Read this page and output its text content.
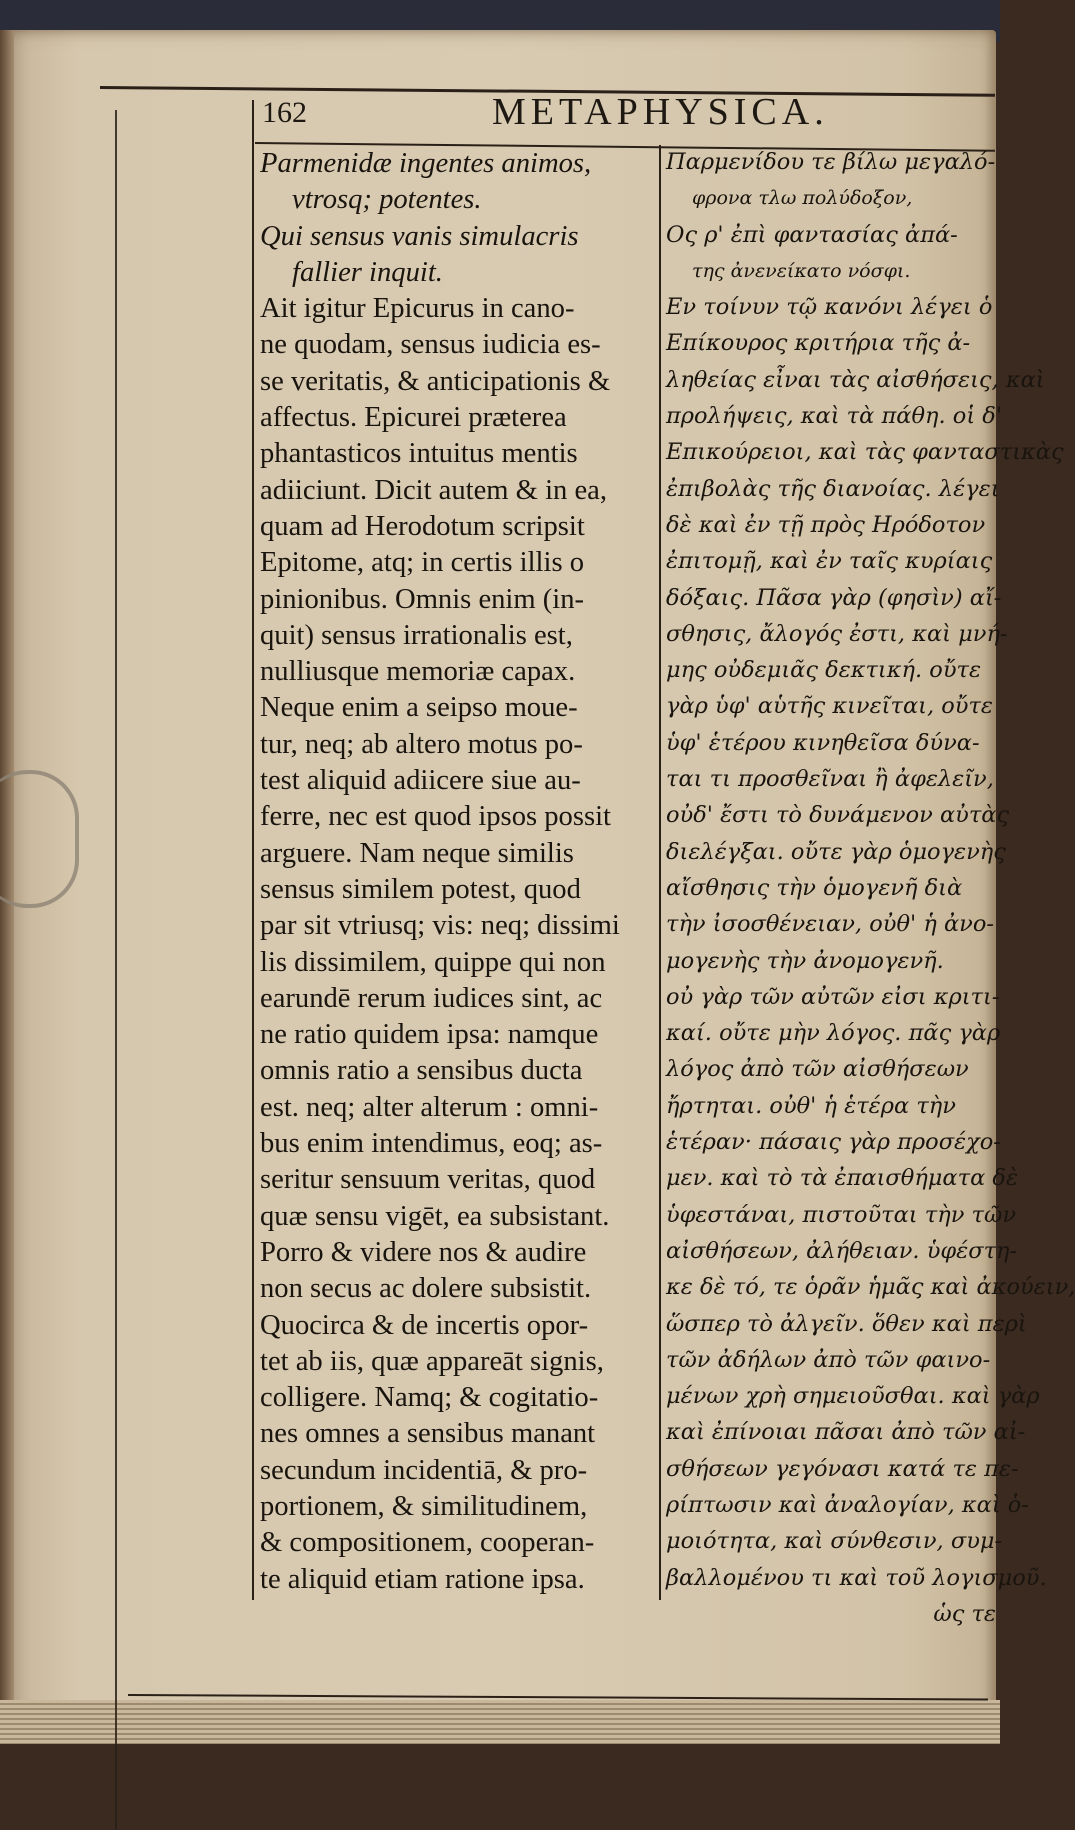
162	METAPHYSICA.
Parmenidæ ingentes animos,
vtrosq; potentes.
Qui sensus vanis simulacris
fallier inquit.
Ait igitur Epicurus in cano-
ne quodam, sensus iudicia es-
se veritatis, & anticipationis &
affectus. Epicurei præterea
phantasticos intuitus mentis
adiiciunt. Dicit autem & in ea,
quam ad Herodotum scripsit
Epitome, atq; in certis illis o
pinionibus. Omnis enim (in-
quit) sensus irrationalis est,
nulliusque memoriæ capax.
Neque enim a seipso moue-
tur, neq; ab altero motus po-
test aliquid adiicere siue au-
ferre, nec est quod ipsos possit
arguere. Nam neque similis
sensus similem potest, quod
par sit vtriusq; vis: neq; dissimi
lis dissimilem, quippe qui non
earundē rerum iudices sint, ac
ne ratio quidem ipsa: namque
omnis ratio a sensibus ducta
est. neq; alter alterum : omni-
bus enim intendimus, eoq; as-
seritur sensuum veritas, quod
quæ sensu vigēt, ea subsistant.
Porro & videre nos & audire
non secus ac dolere subsistit.
Quocirca & de incertis opor-
tet ab iis, quæ appareāt signis,
colligere. Namq; & cogitatio-
nes omnes a sensibus manant
secundum incidentiā, & pro-
portionem, & similitudinem,
& compositionem, cooperan-
te aliquid etiam ratione ipsa.
Παρμενίδου τε βίλω μεγαλό-
φρονα τλω πολύδοξον,
Ος ρ' ἐπὶ φαντασίας ἀπά-
της ἀνενείκατο νόσφι.
Εν τοίνυν τῷ κανόνι λέγει ὁ
Επίκουρος κριτήρια τῆς ἀ-
ληθείας εἶναι τὰς αἰσθήσεις, καὶ
προλήψεις, καὶ τὰ πάθη. οἱ δ'
Επικούρειοι, καὶ τὰς φανταστικὰς
ἐπιβολὰς τῆς διανοίας. λέγει
δὲ καὶ ἐν τῇ πρὸς Ηρόδοτον
ἐπιτομῇ, καὶ ἐν ταῖς κυρίαις
δόξαις. Πᾶσα γὰρ (φησὶν) αἴ-
σθησις, ἄλογός ἐστι, καὶ μνή-
μης οὐδεμιᾶς δεκτική. οὔτε
γὰρ ὑφ' αὑτῆς κινεῖται, οὔτε
ὑφ' ἑτέρου κινηθεῖσα δύνα-
ται τι προσθεῖναι ἢ ἀφελεῖν,
οὐδ' ἔστι τὸ δυνάμενον αὐτὰς
διελέγξαι. οὔτε γὰρ ὁμογενὴς
αἴσθησις τὴν ὁμογενῆ διὰ
τὴν ἰσοσθένειαν, οὐθ' ἡ ἀνο-
μογενὴς τὴν ἀνομογενῆ.
οὐ γὰρ τῶν αὐτῶν εἰσι κριτι-
καί. οὔτε μὴν λόγος. πᾶς γὰρ
λόγος ἀπὸ τῶν αἰσθήσεων
ἤρτηται. οὐθ' ἡ ἑτέρα τὴν
ἑτέραν· πάσαις γὰρ προσέχο-
μεν. καὶ τὸ τὰ ἐπαισθήματα δὲ
ὑφεστάναι, πιστοῦται τὴν τῶν
αἰσθήσεων, ἀλήθειαν. ὑφέστη-
κε δὲ τό, τε ὁρᾶν ἡμᾶς καὶ ἀκούειν,
ὥσπερ τὸ ἀλγεῖν. ὅθεν καὶ περὶ
τῶν ἀδήλων ἀπὸ τῶν φαινο-
μένων χρὴ σημειοῦσθαι. καὶ γὰρ
καὶ ἐπίνοιαι πᾶσαι ἀπὸ τῶν αἰ-
σθήσεων γεγόνασι κατά τε πε-
ρίπτωσιν καὶ ἀναλογίαν, καὶ ὁ-
μοιότητα, καὶ σύνθεσιν, συμ-
βαλλομένου τι καὶ τοῦ λογισμοῦ.
ὡς τε
